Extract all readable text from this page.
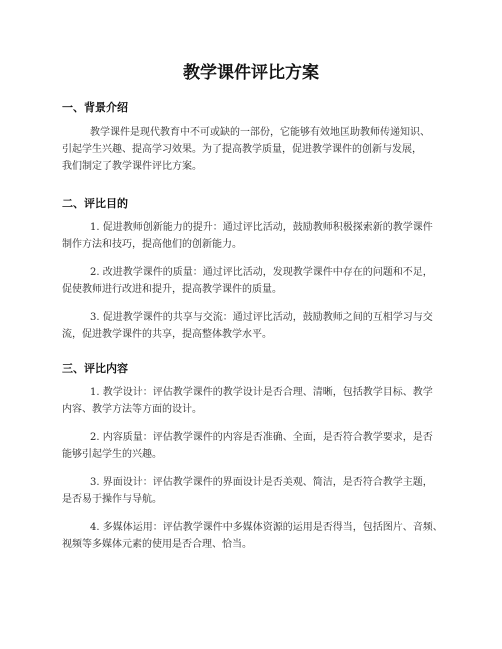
教学课件评比方案
一、背景介绍
教学课件是现代教育中不可或缺的一部份，它能够有效地匡助教师传递知识、
引起学生兴趣、提高学习效果。为了提高教学质量，促进教学课件的创新与发展，
我们制定了教学课件评比方案。
二、评比目的
1. 促进教师创新能力的提升：通过评比活动，鼓励教师积极探索新的教学课件
制作方法和技巧，提高他们的创新能力。
2. 改进教学课件的质量：通过评比活动，发现教学课件中存在的问题和不足，
促使教师进行改进和提升，提高教学课件的质量。
3. 促进教学课件的共享与交流：通过评比活动，鼓励教师之间的互相学习与交
流，促进教学课件的共享，提高整体教学水平。
三、评比内容
1. 教学设计：评估教学课件的教学设计是否合理、清晰，包括教学目标、教学
内容、教学方法等方面的设计。
2. 内容质量：评估教学课件的内容是否准确、全面，是否符合教学要求，是否
能够引起学生的兴趣。
3. 界面设计：评估教学课件的界面设计是否美观、简洁，是否符合教学主题，
是否易于操作与导航。
4. 多媒体运用：评估教学课件中多媒体资源的运用是否得当，包括图片、音频、
视频等多媒体元素的使用是否合理、恰当。
